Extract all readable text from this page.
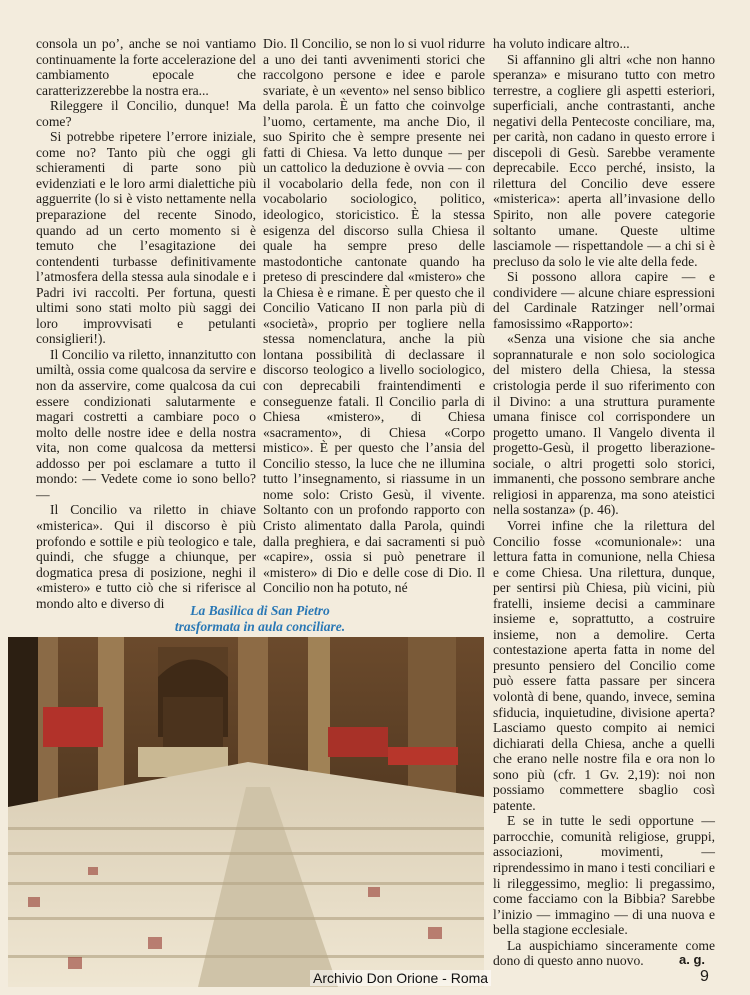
consola un po’, anche se noi vantiamo continuamente la forte accelerazione del cambiamento epocale che caratterizzerebbe la nostra era...

Rileggere il Concilio, dunque! Ma come?

Si potrebbe ripetere l’errore iniziale, come no? Tanto più che oggi gli schieramenti di parte sono più evidenziati e le loro armi dialettiche più agguerrite (lo si è visto nettamente nella preparazione del recente Sinodo, quando ad un certo momento si è temuto che l’esagitazione dei contendenti turbasse definitivamente l’atmosfera della stessa aula sinodale e i Padri ivi raccolti. Per fortuna, questi ultimi sono stati molto più saggi dei loro improvvisati e petulanti consiglieri!).

Il Concilio va riletto, innanzitutto con umiltà, ossia come qualcosa da servire e non da asservire, come qualcosa da cui essere condizionati salutarmente e magari costretti a cambiare poco o molto delle nostre idee e della nostra vita, non come qualcosa da mettersi addosso per poi esclamare a tutto il mondo: — Vedete come io sono bello? —

Il Concilio va riletto in chiave «misterica». Qui il discorso è più profondo e sottile e più teologico e tale, quindi, che sfugge a chiunque, per dogmatica presa di posizione, neghi il «mistero» e tutto ciò che si riferisce al mondo alto e diverso di

Dio. Il Concilio, se non lo si vuol ridurre a uno dei tanti avvenimenti storici che raccolgono persone e idee e parole svariate, è un «evento» nel senso biblico della parola. È un fatto che coinvolge l’uomo, certamente, ma anche Dio, il suo Spirito che è sempre presente nei fatti di Chiesa. Va letto dunque — per un cattolico la deduzione è ovvia — con il vocabolario della fede, non con il vocabolario sociologico, politico, ideologico, storicistico. È la stessa esigenza del discorso sulla Chiesa il quale ha sempre preso delle mastodontiche cantonate quando ha preteso di prescindere dal «mistero» che la Chiesa è e rimane. È per questo che il Concilio Vaticano II non parla più di «società», proprio per togliere nella stessa nomenclatura, anche la più lontana possibilità di declassare il discorso teologico a livello sociologico, con deprecabili fraintendimenti e conseguenze fatali. Il Concilio parla di Chiesa «mistero», di Chiesa «sacramento», di Chiesa «Corpo mistico». È per questo che l’ansia del Concilio stesso, la luce che ne illumina tutto l’insegnamento, si riassume in un nome solo: Cristo Gesù, il vivente. Soltanto con un profondo rapporto con Cristo alimentato dalla Parola, quindi dalla preghiera, e dai sacramenti si può «capire», ossia si può penetrare il «mistero» di Dio e delle cose di Dio. Il Concilio non ha potuto, né

ha voluto indicare altro...

Si affannino gli altri «che non hanno speranza» e misurano tutto con metro terrestre, a cogliere gli aspetti esteriori, superficiali, anche contrastanti, anche negativi della Pentecoste conciliare, ma, per carità, non cadano in questo errore i discepoli di Gesù. Sarebbe veramente deprecabile. Ecco perché, insisto, la rilettura del Concilio deve essere «misterica»: aperta all’invasione dello Spirito, non alle povere categorie soltanto umane. Queste ultime lasciamole — rispettandole — a chi si è precluso da solo le vie alte della fede.

Si possono allora capire — e condividere — alcune chiare espressioni del Cardinale Ratzinger nell’ormai famosissimo «Rapporto»:

«Senza una visione che sia anche soprannaturale e non solo sociologica del mistero della Chiesa, la stessa cristologia perde il suo riferimento con il Divino: a una struttura puramente umana finisce col corrispondere un progetto umano. Il Vangelo diventa il progetto-Gesù, il progetto liberazione-sociale, o altri progetti solo storici, immanenti, che possono sembrare anche religiosi in apparenza, ma sono ateistici nella sostanza» (p. 46).

Vorrei infine che la rilettura del Concilio fosse «comunionale»: una lettura fatta in comunione, nella Chiesa e come Chiesa. Una rilettura, dunque, per sentirsi più Chiesa, più vicini, più fratelli, insieme decisi a camminare insieme e, soprattutto, a costruire insieme, non a demolire. Certa contestazione aperta fatta in nome del presunto pensiero del Concilio come può essere fatta passare per sincera volontà di bene, quando, invece, semina sfiducia, inquietudine, divisione aperta? Lasciamo questo compito ai nemici dichiarati della Chiesa, anche a quelli che erano nelle nostre fila e ora non lo sono più (cfr. 1 Gv. 2,19): noi non possiamo commettere sbaglio così patente.

E se in tutte le sedi opportune — parrocchie, comunità religiose, gruppi, associazioni, movimenti, — riprendessimo in mano i testi conciliari e li rileggessimo, meglio: li pregassimo, come facciamo con la Bibbia? Sarebbe l’inizio — immagino — di una nuova e bella stagione ecclesiale.

La auspichiamo sinceramente come dono di questo anno nuovo.

La Basilica di San Pietro
trasformata in aula conciliare.
a. g.
Archivio Don Orione - Roma	9
